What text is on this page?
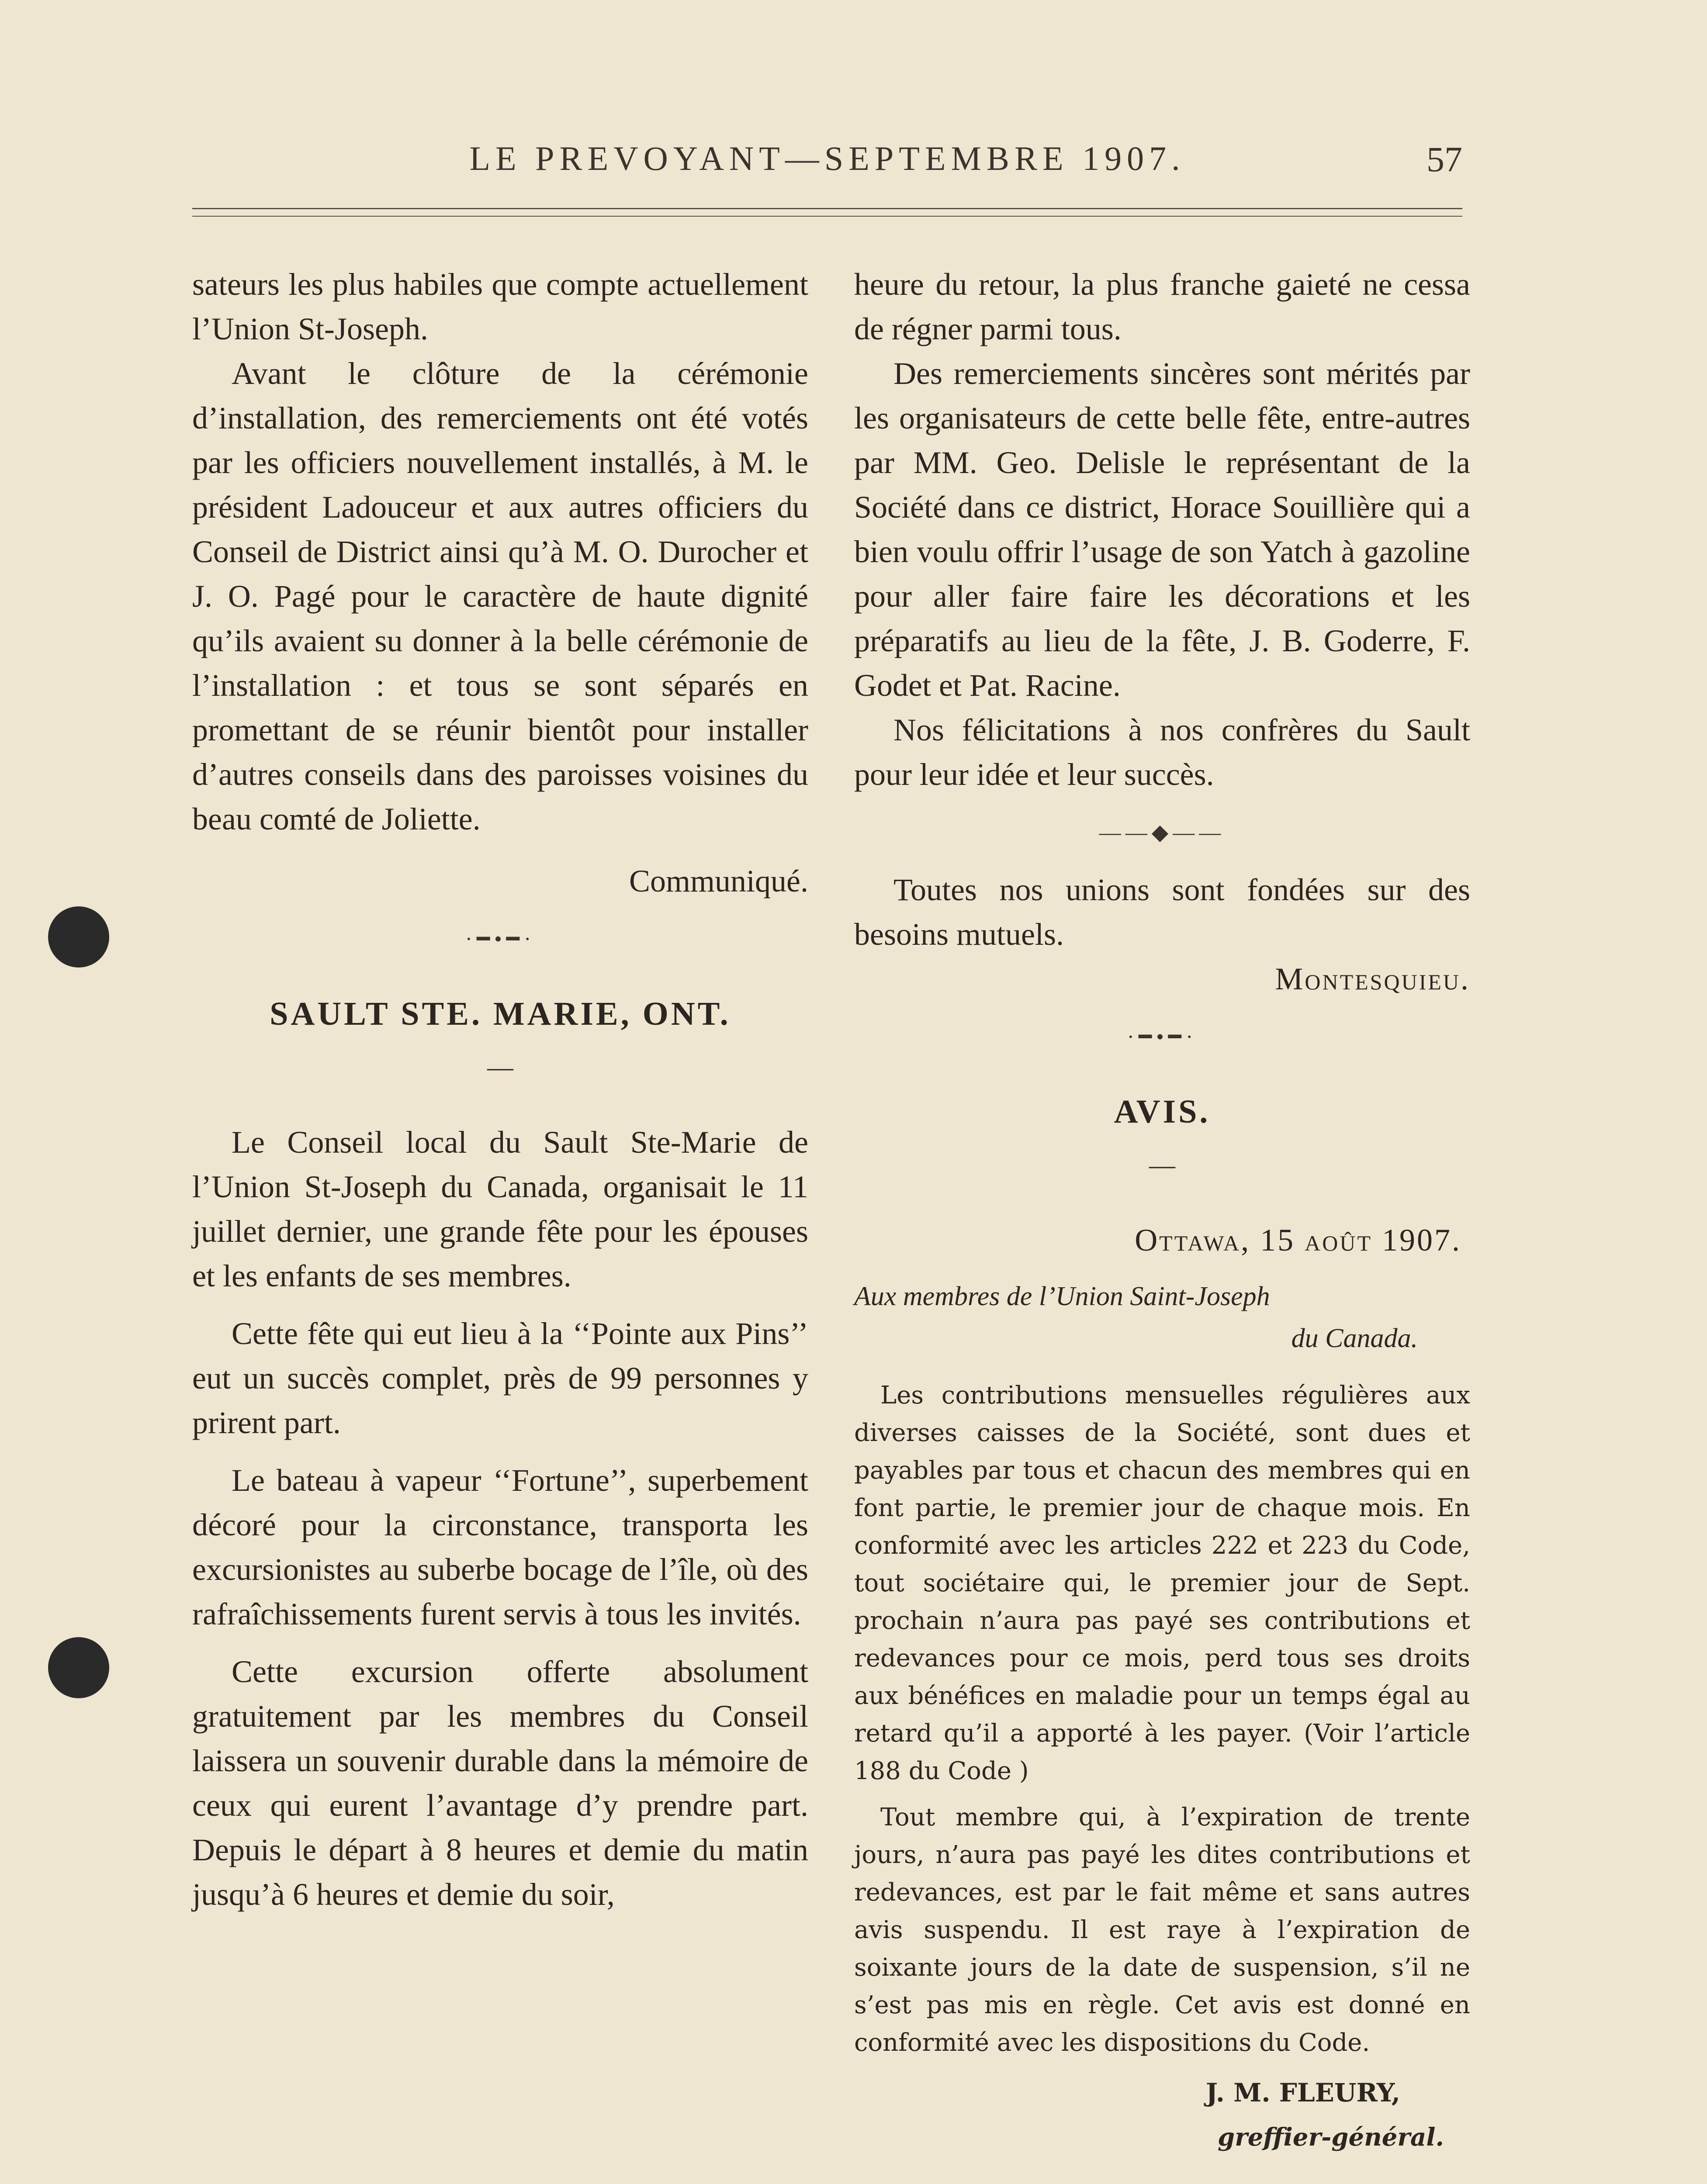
LE PREVOYANT—SEPTEMBRE 1907.	57

sateurs les plus habiles que compte actuellement l’Union St-Joseph.

Avant le clôture de la cérémonie d’installation, des remerciements ont été votés par les officiers nouvellement installés, à M. le président Ladouceur et aux autres officiers du Conseil de District ainsi qu’à M. O. Durocher et J. O. Pagé pour le caractère de haute dignité qu’ils avaient su donner à la belle cérémonie de l’installation : et tous se sont séparés en promettant de se réunir bientôt pour installer d’autres conseils dans des paroisses voisines du beau comté de Joliette.

Communiqué.

·━•━·
SAULT STE. MARIE, ONT.
—

Le Conseil local du Sault Ste-Marie de l’Union St-Joseph du Canada, organisait le 11 juillet dernier, une grande fête pour les épouses et les enfants de ses membres.

Cette fête qui eut lieu à la ‘‘Pointe aux Pins’’ eut un succès complet, près de 99 personnes y prirent part.

Le bateau à vapeur ‘‘Fortune’’, superbement décoré pour la circonstance, transporta les excursionistes au suberbe bocage de l’île, où des rafraîchissements furent servis à tous les invités.

Cette excursion offerte absolument gratuitement par les membres du Conseil laissera un souvenir durable dans la mémoire de ceux qui eurent l’avantage d’y prendre part. Depuis le départ à 8 heures et demie du matin jusqu’à 6 heures et demie du soir,

heure du retour, la plus franche gaieté ne cessa de régner parmi tous.

Des remerciements sincères sont mérités par les organisateurs de cette belle fête, entre-autres par MM. Geo. Delisle le représentant de la Société dans ce district, Horace Souillière qui a bien voulu offrir l’usage de son Yatch à gazoline pour aller faire faire les décorations et les préparatifs au lieu de la fête, J. B. Goderre, F. Godet et Pat. Racine.

Nos félicitations à nos confrères du Sault pour leur idée et leur succès.

——◆——

Toutes nos unions sont fondées sur des besoins mutuels.

Montesquieu.

·━•━·
AVIS.
—
Ottawa, 15 août 1907.
Aux membres de l’Union Saint-Joseph
du Canada.

Les contributions mensuelles régulières aux diverses caisses de la Société, sont dues et payables par tous et chacun des membres qui en font partie, le premier jour de chaque mois. En conformité avec les articles 222 et 223 du Code, tout sociétaire qui, le premier jour de Sept. prochain n’aura pas payé ses contributions et redevances pour ce mois, perd tous ses droits aux bénéfices en maladie pour un temps égal au retard qu’il a apporté à les payer. (Voir l’article 188 du Code )

Tout membre qui, à l’expiration de trente jours, n’aura pas payé les dites contributions et redevances, est par le fait même et sans autres avis suspendu. Il est raye à l’expiration de soixante jours de la date de suspension, s’il ne s’est pas mis en règle. Cet avis est donné en conformité avec les dispositions du Code.

J. M. FLEURY,
greffier-général.
